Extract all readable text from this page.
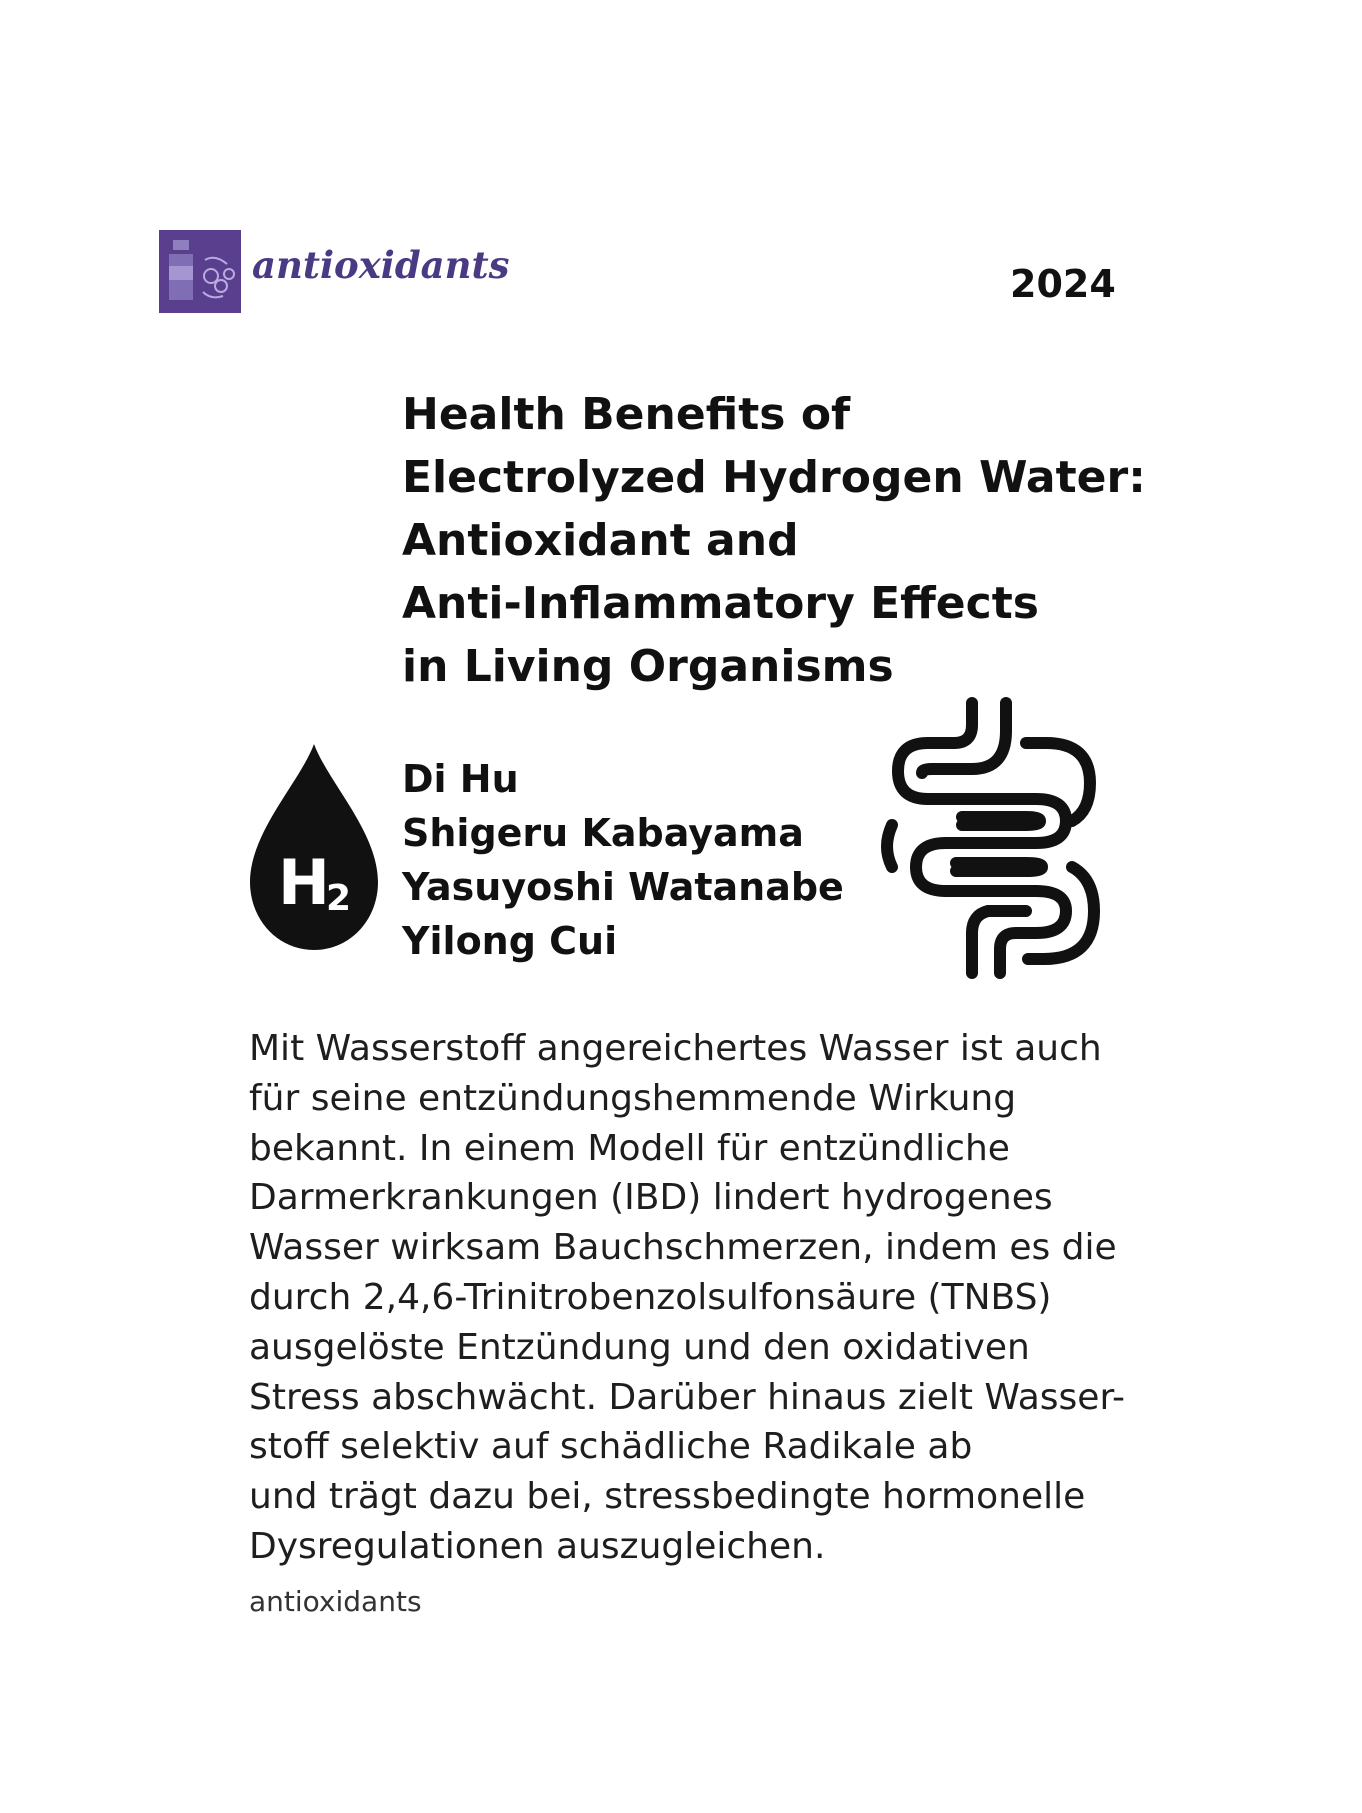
antioxidants	2024
Health Benefits of
Electrolyzed Hydrogen Water:
Antioxidant and
Anti-Inflammatory Effects
in Living Organisms
H
2
Di Hu
Shigeru Kabayama
Yasuyoshi Watanabe
Yilong Cui
Mit Wasserstoff angereichertes Wasser ist auch
für seine entzündungshemmende Wirkung
bekannt. In einem Modell für entzündliche
Darmerkrankungen (IBD) lindert hydrogenes
Wasser wirksam Bauchschmerzen, indem es die
durch 2,4,6-Trinitrobenzolsulfonsäure (TNBS)
ausgelöste Entzündung und den oxidativen
Stress abschwächt. Darüber hinaus zielt Wasser-
stoff selektiv auf schädliche Radikale ab
und trägt dazu bei, stressbedingte hormonelle
Dysregulationen auszugleichen.
antioxidants
